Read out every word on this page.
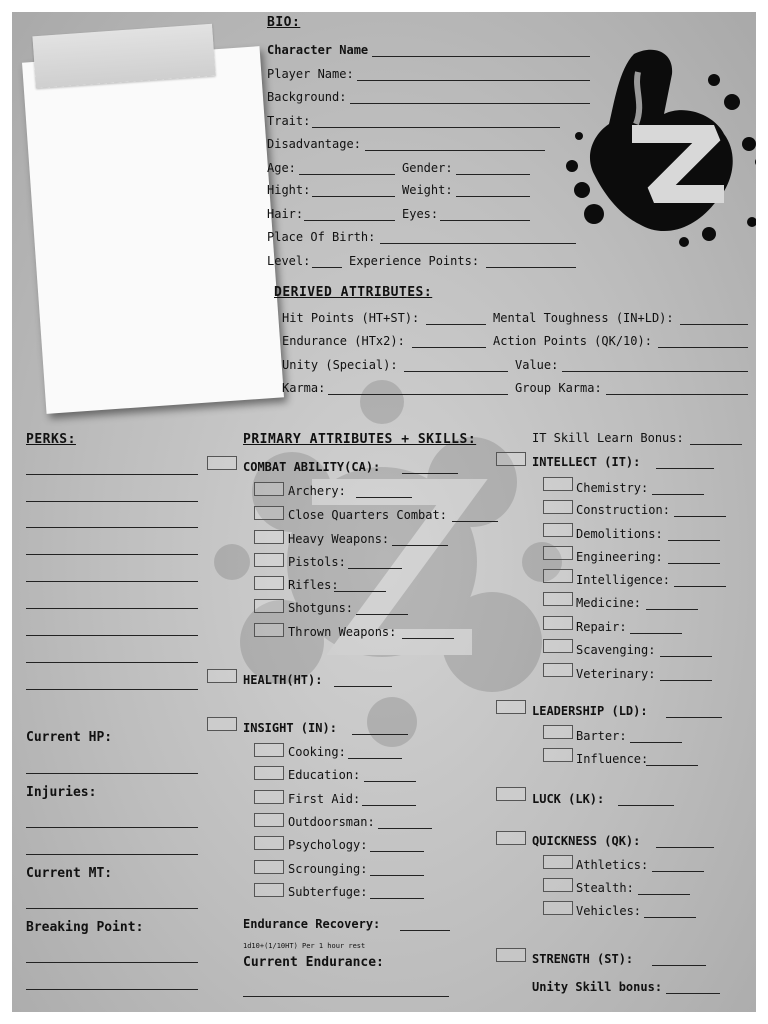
BIO:
Character Name
Player Name:
Background:
Trait:
Disadvantage:
Age:	Gender:
Hight:	Weight:
Hair:	Eyes:
Place Of Birth:
Level:	Experience Points:
DERIVED ATTRIBUTES:
Hit Points (HT+ST):	Mental Toughness (IN+LD):
Endurance (HTx2):	Action Points (QK/10):
Unity (Special):	Value:
Karma:	Group Karma:
PERKS:
Current HP:
Injuries:
Current MT:
Breaking Point:
PRIMARY ATTRIBUTES + SKILLS:
COMBAT ABILITY(CA):
Archery:
Close Quarters Combat:
Heavy Weapons:
Pistols:
Rifles:
Shotguns:
Thrown Weapons:
HEALTH(HT):
INSIGHT (IN):
Cooking:
Education:
First Aid:
Outdoorsman:
Psychology:
Scrounging:
Subterfuge:
Endurance Recovery:
1d10+(1/10HT) Per 1 hour rest
Current Endurance:
IT Skill Learn Bonus:
INTELLECT (IT):
Chemistry:
Construction:
Demolitions:
Engineering:
Intelligence:
Medicine:
Repair:
Scavenging:
Veterinary:
LEADERSHIP (LD):
Barter:
Influence:
LUCK (LK):
QUICKNESS (QK):
Athletics:
Stealth:
Vehicles:
STRENGTH (ST):
Unity Skill bonus:
